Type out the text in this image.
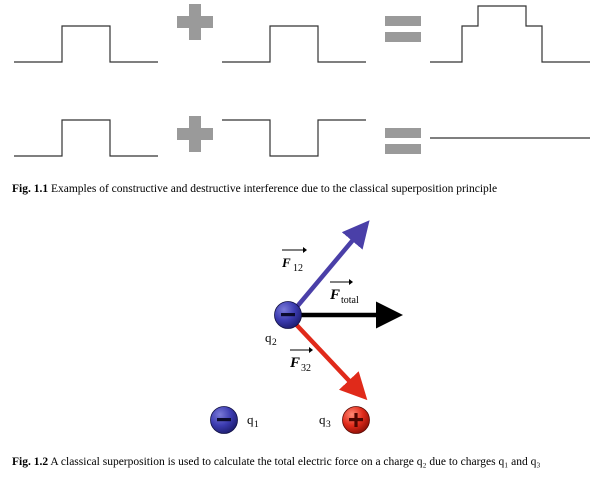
Fig. 1.1 Examples of constructive and destructive interference due to the classical superposition principle
F 12
F total
F 32
q 2
q 1	q 3
Fig. 1.2 A classical superposition is used to calculate the total electric force on a charge q₂ due to charges q₁ and q₃
